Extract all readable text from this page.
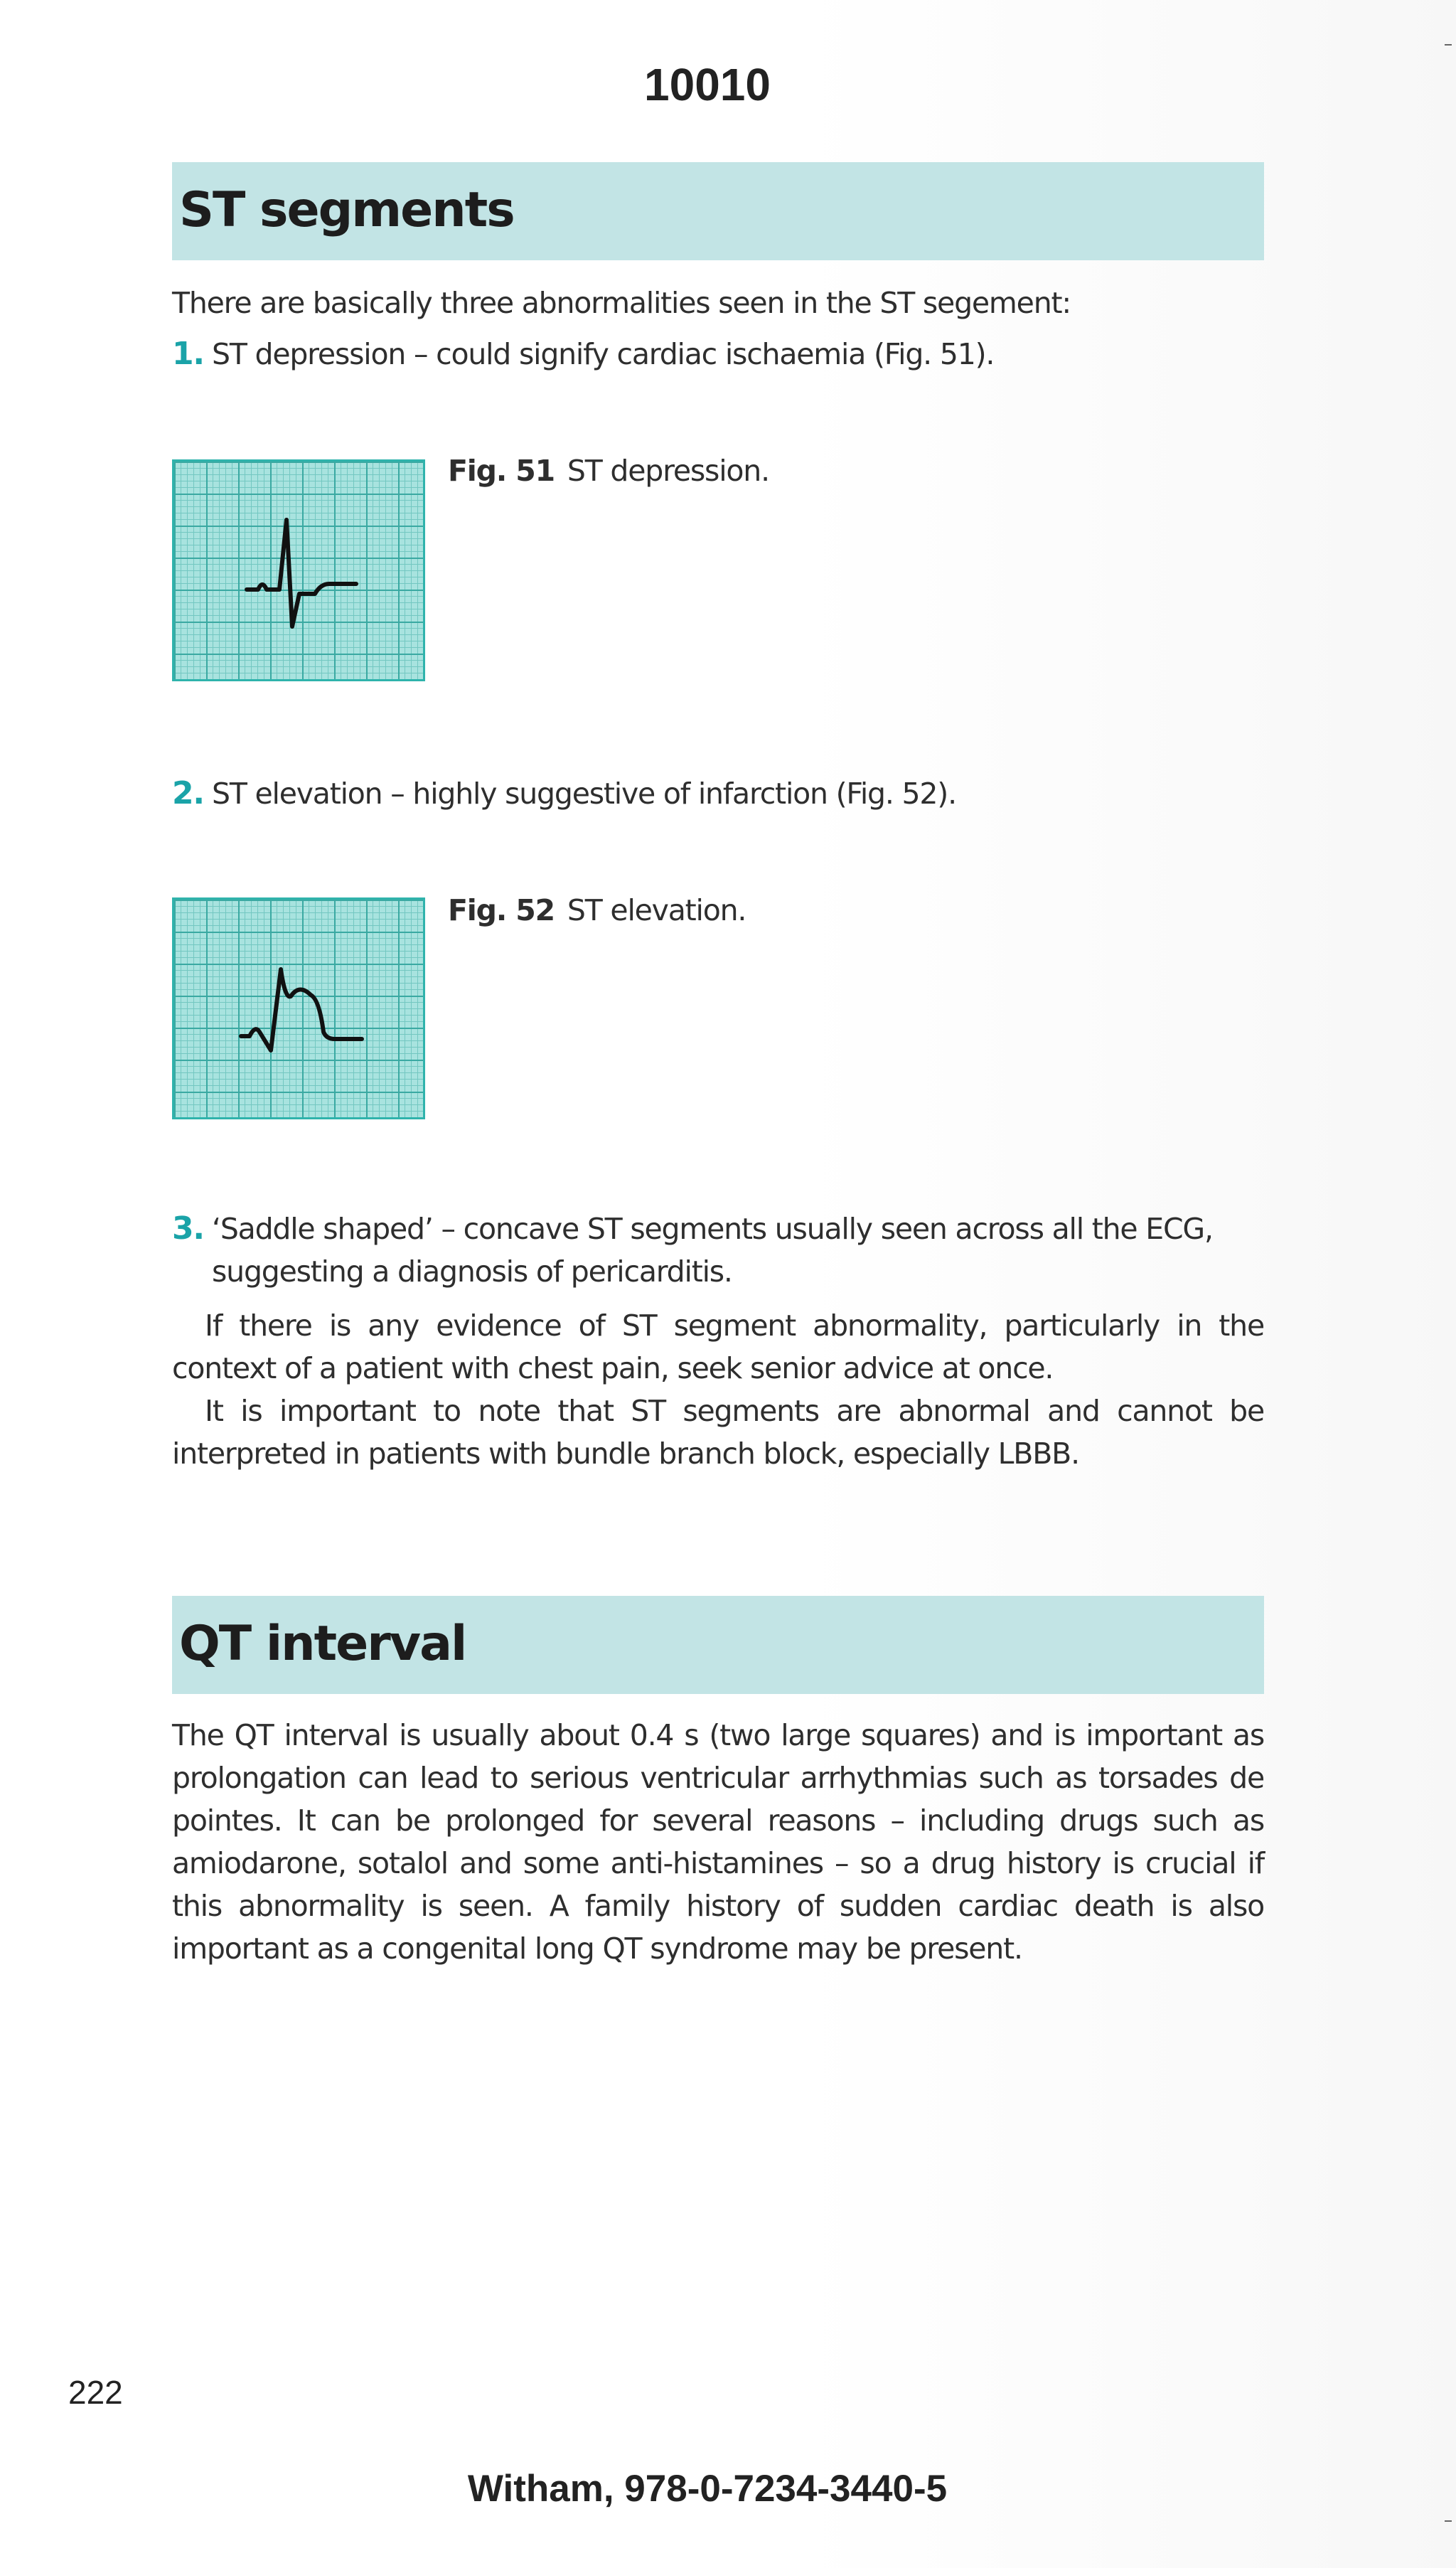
10010
ST segments
There are basically three abnormalities seen in the ST segement:
1. ST depression – could signify cardiac ischaemia (Fig. 51).
Fig. 51 ST depression.
2. ST elevation – highly suggestive of infarction (Fig. 52).
Fig. 52 ST elevation.
3. ‘Saddle shaped’ – concave ST segments usually seen across all the ECG, suggesting a diagnosis of pericarditis.
If there is any evidence of ST segment abnormality, particularly in the context of a patient with chest pain, seek senior advice at once.
It is important to note that ST segments are abnormal and cannot be interpreted in patients with bundle branch block, especially LBBB.
QT interval
The QT interval is usually about 0.4 s (two large squares) and is important as prolongation can lead to serious ventricular arrhythmias such as torsades de pointes. It can be prolonged for several reasons – including drugs such as amiodarone, sotalol and some anti-histamines – so a drug history is crucial if this abnormality is seen. A family history of sudden cardiac death is also important as a congenital long QT syndrome may be present.
222
Witham, 978-0-7234-3440-5
